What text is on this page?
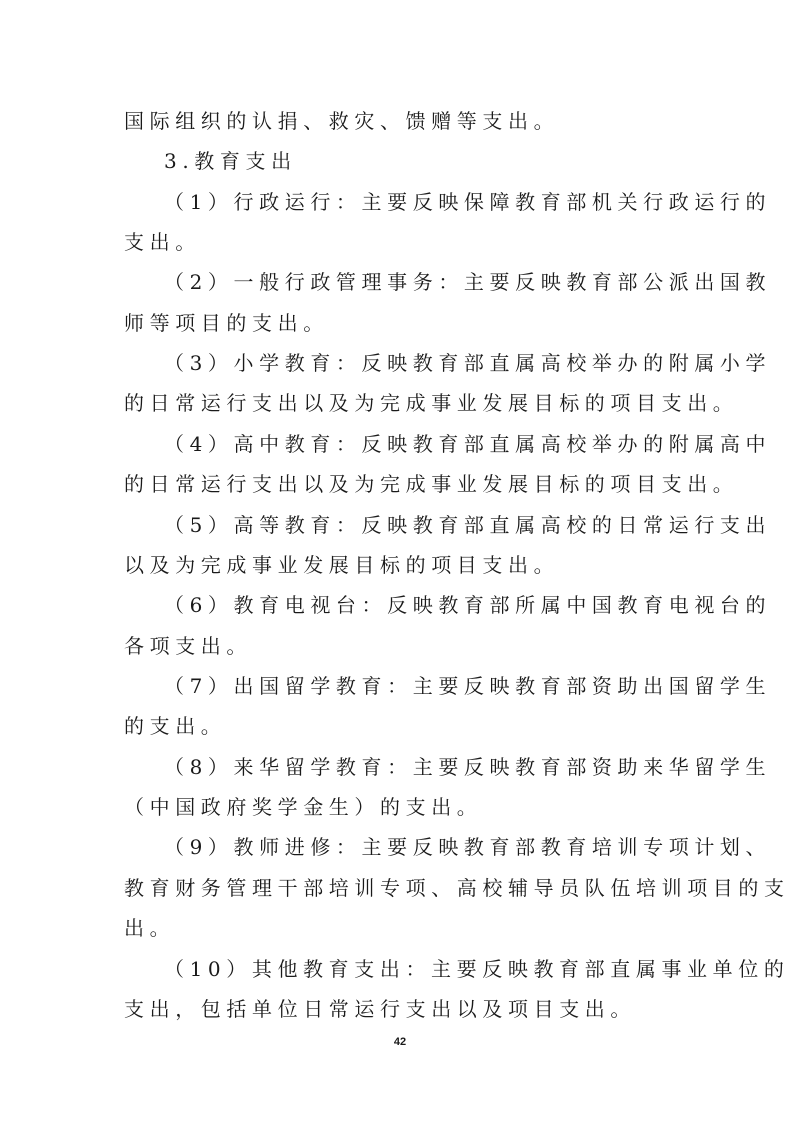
国际组织的认捐、救灾、馈赠等支出。
3.教育支出
（1）行政运行：主要反映保障教育部机关行政运行的
支出。
（2）一般行政管理事务：主要反映教育部公派出国教
师等项目的支出。
（3）小学教育：反映教育部直属高校举办的附属小学
的日常运行支出以及为完成事业发展目标的项目支出。
（4）高中教育：反映教育部直属高校举办的附属高中
的日常运行支出以及为完成事业发展目标的项目支出。
（5）高等教育：反映教育部直属高校的日常运行支出
以及为完成事业发展目标的项目支出。
（6）教育电视台：反映教育部所属中国教育电视台的
各项支出。
（7）出国留学教育：主要反映教育部资助出国留学生
的支出。
（8）来华留学教育：主要反映教育部资助来华留学生
（中国政府奖学金生）的支出。
（9）教师进修：主要反映教育部教育培训专项计划、
教育财务管理干部培训专项、高校辅导员队伍培训项目的支
出。
（10）其他教育支出：主要反映教育部直属事业单位的
支出，包括单位日常运行支出以及项目支出。
42
